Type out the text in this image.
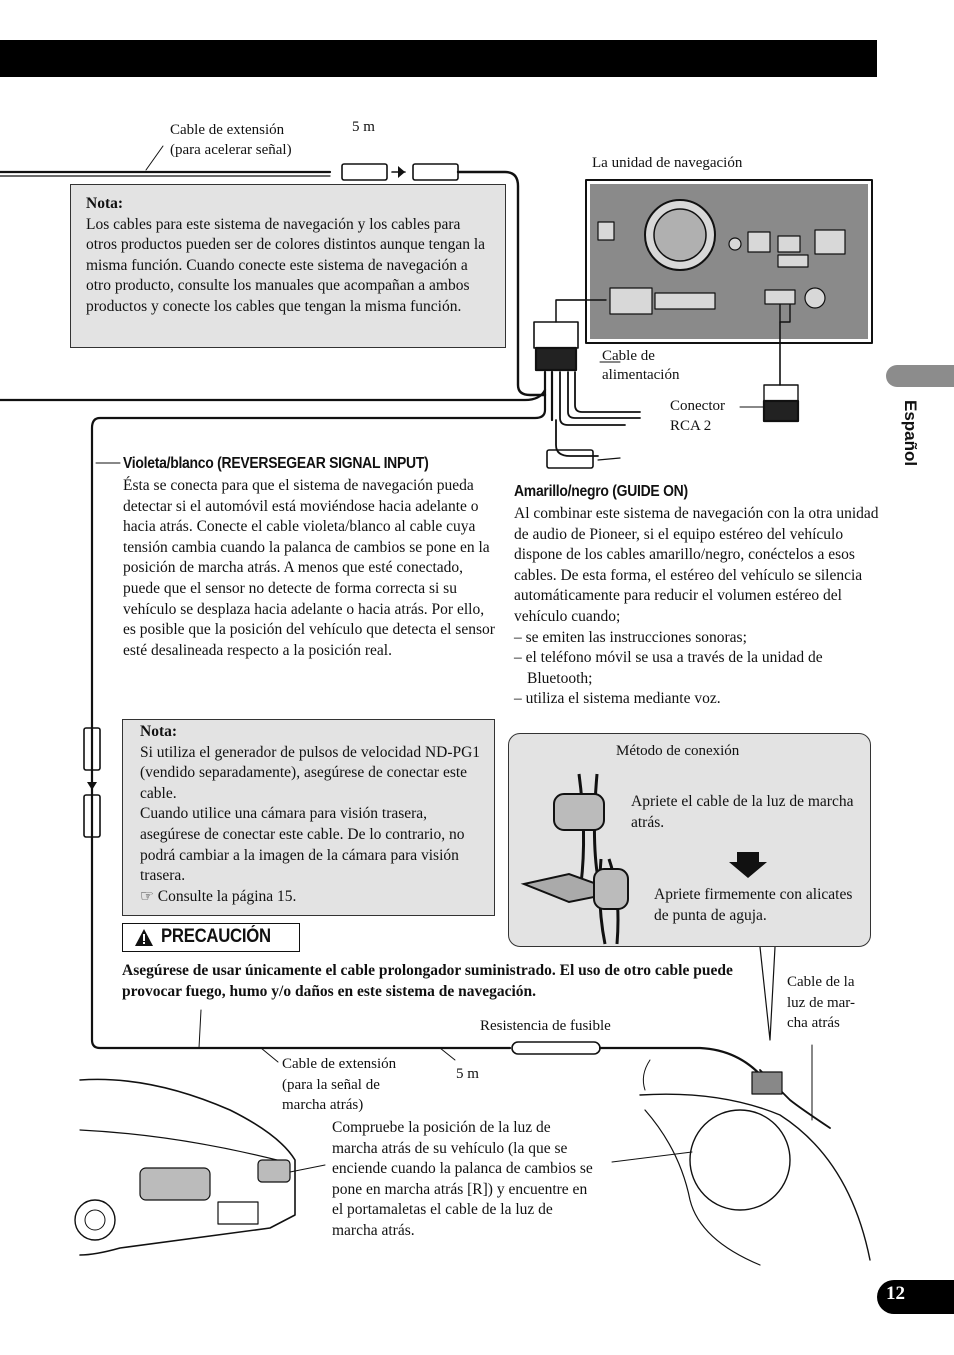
Español
Cable de extensión
(para acelerar señal)
5 m
La unidad de navegación
Cable de
alimentación
Conector
RCA 2
Nota:
Los cables para este sistema de navegación y los cables para otros productos pueden ser de colores distintos aunque tengan la misma función. Cuando conecte este sistema de navegación a otro producto, consulte los manuales que acompañan a ambos productos y conecte los cables que tengan la misma función.
Violeta/blanco (REVERSEGEAR SIGNAL INPUT)
Ésta se conecta para que el sistema de navegación pueda detectar si el automóvil está moviéndose hacia adelante o hacia atrás. Conecte el cable violeta/blanco al cable cuya tensión cambia cuando la palanca de cambios se pone en la posición de marcha atrás. A menos que esté conectado, puede que el sensor no detecte de forma correcta si su vehículo se desplaza hacia adelante o hacia atrás. Por ello, es posible que la posición del vehículo que detecta el sensor esté desalineada respecto a la posición real.
Amarillo/negro (GUIDE ON)
Al combinar este sistema de navegación con la otra unidad de audio de Pioneer, si el equipo estéreo del vehículo dispone de los cables amarillo/negro, conéctelos a esos cables. De esta forma, el estéreo del vehículo se silencia automáticamente para reducir el volumen estéreo del vehículo cuando;
– se emiten las instrucciones sonoras;
– el teléfono móvil se usa a través de la unidad de Bluetooth;
– utiliza el sistema mediante voz.
Nota:
Si utiliza el generador de pulsos de velocidad ND-PG1 (vendido separadamente), asegúrese de conectar este cable.
Cuando utilice una cámara para visión trasera, asegúrese de conectar este cable. De lo contrario, no podrá cambiar a la imagen de la cámara para visión trasera.
☞ Consulte la página 15.
Método de conexión
Apriete el cable de la luz de marcha atrás.
Apriete firmemente con alicates de punta de aguja.
PRECAUCIÓN
Asegúrese de usar únicamente el cable prolongador suministrado. El uso de otro cable puede provocar fuego, humo y/o daños en este sistema de navegación.
Resistencia de fusible
Cable de la
luz de mar-
cha atrás
Cable de extensión
(para la señal de
marcha atrás)
5 m
Compruebe la posición de la luz de marcha atrás de su vehículo (la que se enciende cuando la palanca de cambios se pone en marcha atrás [R]) y encuentre en el portamaletas el cable de la luz de marcha atrás.
12
